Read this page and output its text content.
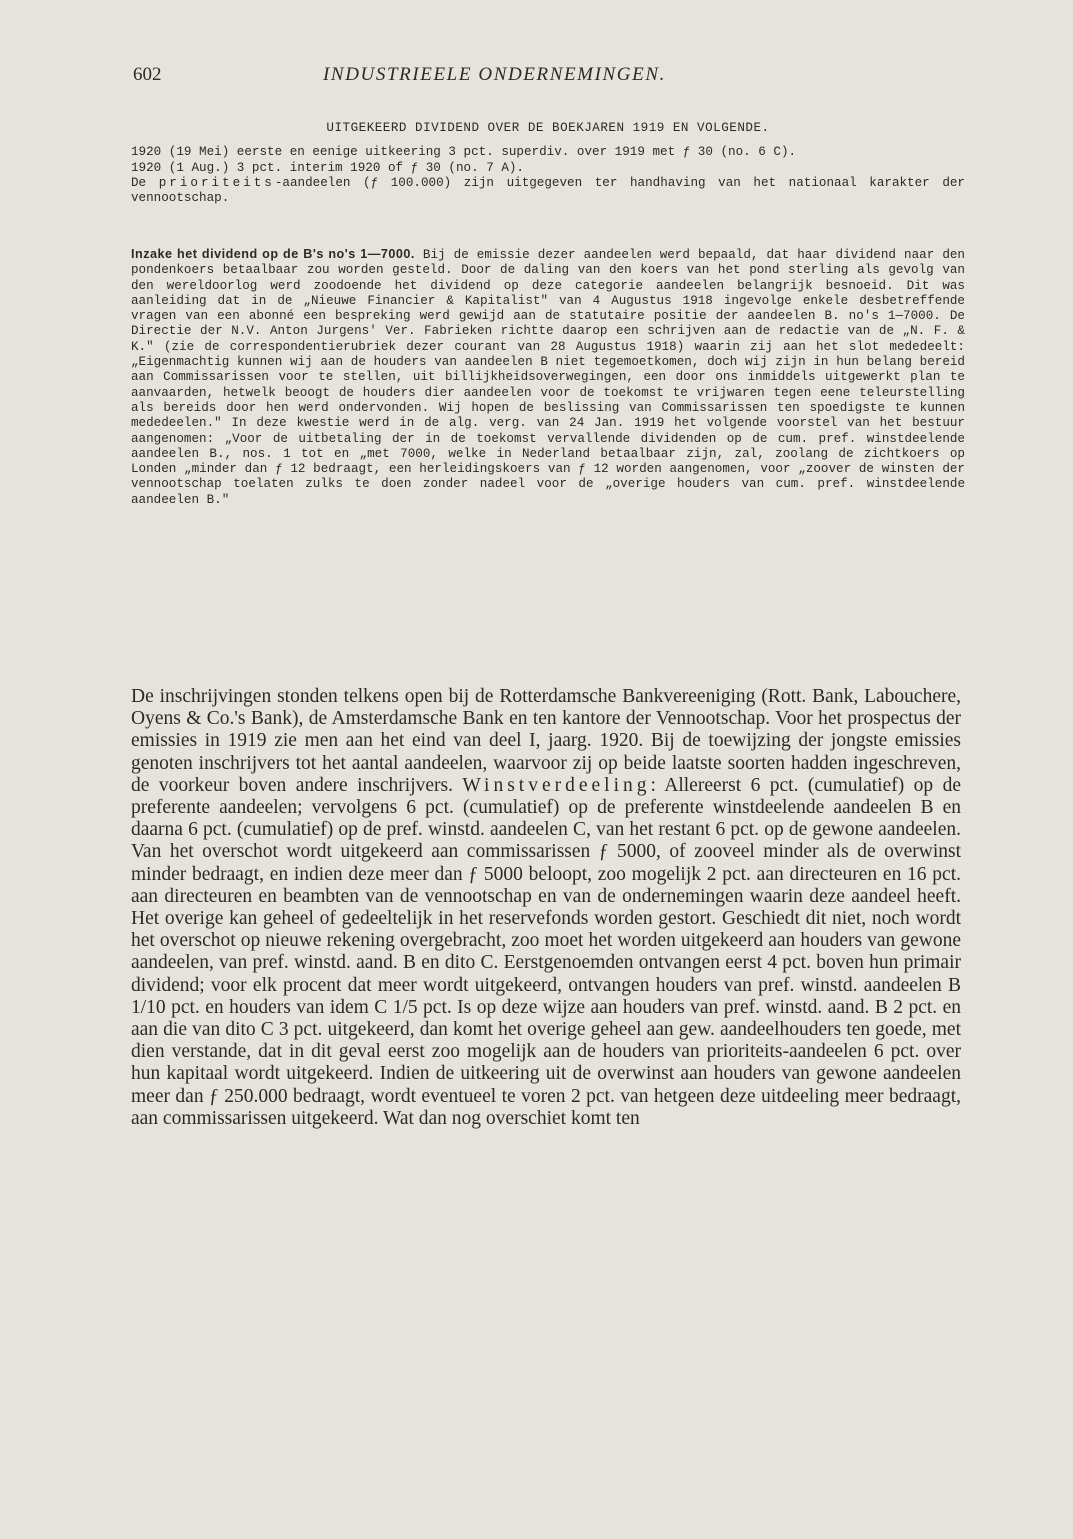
602	INDUSTRIEELE ONDERNEMINGEN.

UITGEKEERD DIVIDEND OVER DE BOEKJAREN 1919 EN VOLGENDE.

1920 (19 Mei) eerste en eenige uitkeering 3 pct. superdiv. over 1919 met ƒ 30 (no. 6 C).

1920 (1 Aug.) 3 pct. interim 1920 of ƒ 30 (no. 7 A).

De prioriteits-aandeelen (ƒ 100.000) zijn uitgegeven ter handhaving van het nationaal karakter der vennootschap.

Inzake het dividend op de B's no's 1—7000. Bij de emissie dezer aandeelen werd bepaald, dat haar dividend naar den pondenkoers betaalbaar zou worden gesteld. Door de daling van den koers van het pond sterling als gevolg van den wereldoorlog werd zoodoende het dividend op deze categorie aandeelen belangrijk besnoeid. Dit was aanleiding dat in de „Nieuwe Financier & Kapitalist" van 4 Augustus 1918 ingevolge enkele desbetreffende vragen van een abonné een bespreking werd gewijd aan de statutaire positie der aandeelen B. no's 1—7000. De Directie der N.V. Anton Jurgens' Ver. Fabrieken richtte daarop een schrijven aan de redactie van de „N. F. & K." (zie de correspondentierubriek dezer courant van 28 Augustus 1918) waarin zij aan het slot mededeelt: „Eigenmachtig kunnen wij aan de houders van aandeelen B niet tegemoetkomen, doch wij zijn in hun belang bereid aan Commissarissen voor te stellen, uit billijkheidsoverwegingen, een door ons inmiddels uitgewerkt plan te aanvaarden, hetwelk beoogt de houders dier aandeelen voor de toekomst te vrijwaren tegen eene teleurstelling als bereids door hen werd ondervonden. Wij hopen de beslissing van Commissarissen ten spoedigste te kunnen mededeelen." In deze kwestie werd in de alg. verg. van 24 Jan. 1919 het volgende voorstel van het bestuur aangenomen: „Voor de uitbetaling der in de toekomst vervallende dividenden op de cum. pref. winstdeelende aandeelen B., nos. 1 tot en „met 7000, welke in Nederland betaalbaar zijn, zal, zoolang de zichtkoers op Londen „minder dan ƒ 12 bedraagt, een herleidingskoers van ƒ 12 worden aangenomen, voor „zoover de winsten der vennootschap toelaten zulks te doen zonder nadeel voor de „overige houders van cum. pref. winstdeelende aandeelen B."

De inschrijvingen stonden telkens open bij de Rotterdamsche Bankvereeniging (Rott. Bank, Labouchere, Oyens & Co.'s Bank), de Amsterdamsche Bank en ten kantore der Vennootschap. Voor het prospectus der emissies in 1919 zie men aan het eind van deel I, jaarg. 1920. Bij de toewijzing der jongste emissies genoten inschrijvers tot het aantal aandeelen, waarvoor zij op beide laatste soorten hadden ingeschreven, de voorkeur boven andere inschrijvers. Winstverdeeling: Allereerst 6 pct. (cumulatief) op de preferente aandeelen; vervolgens 6 pct. (cumulatief) op de preferente winstdeelende aandeelen B en daarna 6 pct. (cumulatief) op de pref. winstd. aandeelen C, van het restant 6 pct. op de gewone aandeelen. Van het overschot wordt uitgekeerd aan commissarissen ƒ 5000, of zooveel minder als de overwinst minder bedraagt, en indien deze meer dan ƒ 5000 beloopt, zoo mogelijk 2 pct. aan directeuren en 16 pct. aan directeuren en beambten van de vennootschap en van de ondernemingen waarin deze aandeel heeft. Het overige kan geheel of gedeeltelijk in het reservefonds worden gestort. Geschiedt dit niet, noch wordt het overschot op nieuwe rekening overgebracht, zoo moet het worden uitgekeerd aan houders van gewone aandeelen, van pref. winstd. aand. B en dito C. Eerstgenoemden ontvangen eerst 4 pct. boven hun primair dividend; voor elk procent dat meer wordt uitgekeerd, ontvangen houders van pref. winstd. aandeelen B 1/10 pct. en houders van idem C 1/5 pct. Is op deze wijze aan houders van pref. winstd. aand. B 2 pct. en aan die van dito C 3 pct. uitgekeerd, dan komt het overige geheel aan gew. aandeelhouders ten goede, met dien verstande, dat in dit geval eerst zoo mogelijk aan de houders van prioriteits-aandeelen 6 pct. over hun kapitaal wordt uitgekeerd. Indien de uitkeering uit de overwinst aan houders van gewone aandeelen meer dan ƒ 250.000 bedraagt, wordt eventueel te voren 2 pct. van hetgeen deze uitdeeling meer bedraagt, aan commissarissen uitgekeerd. Wat dan nog overschiet komt ten
